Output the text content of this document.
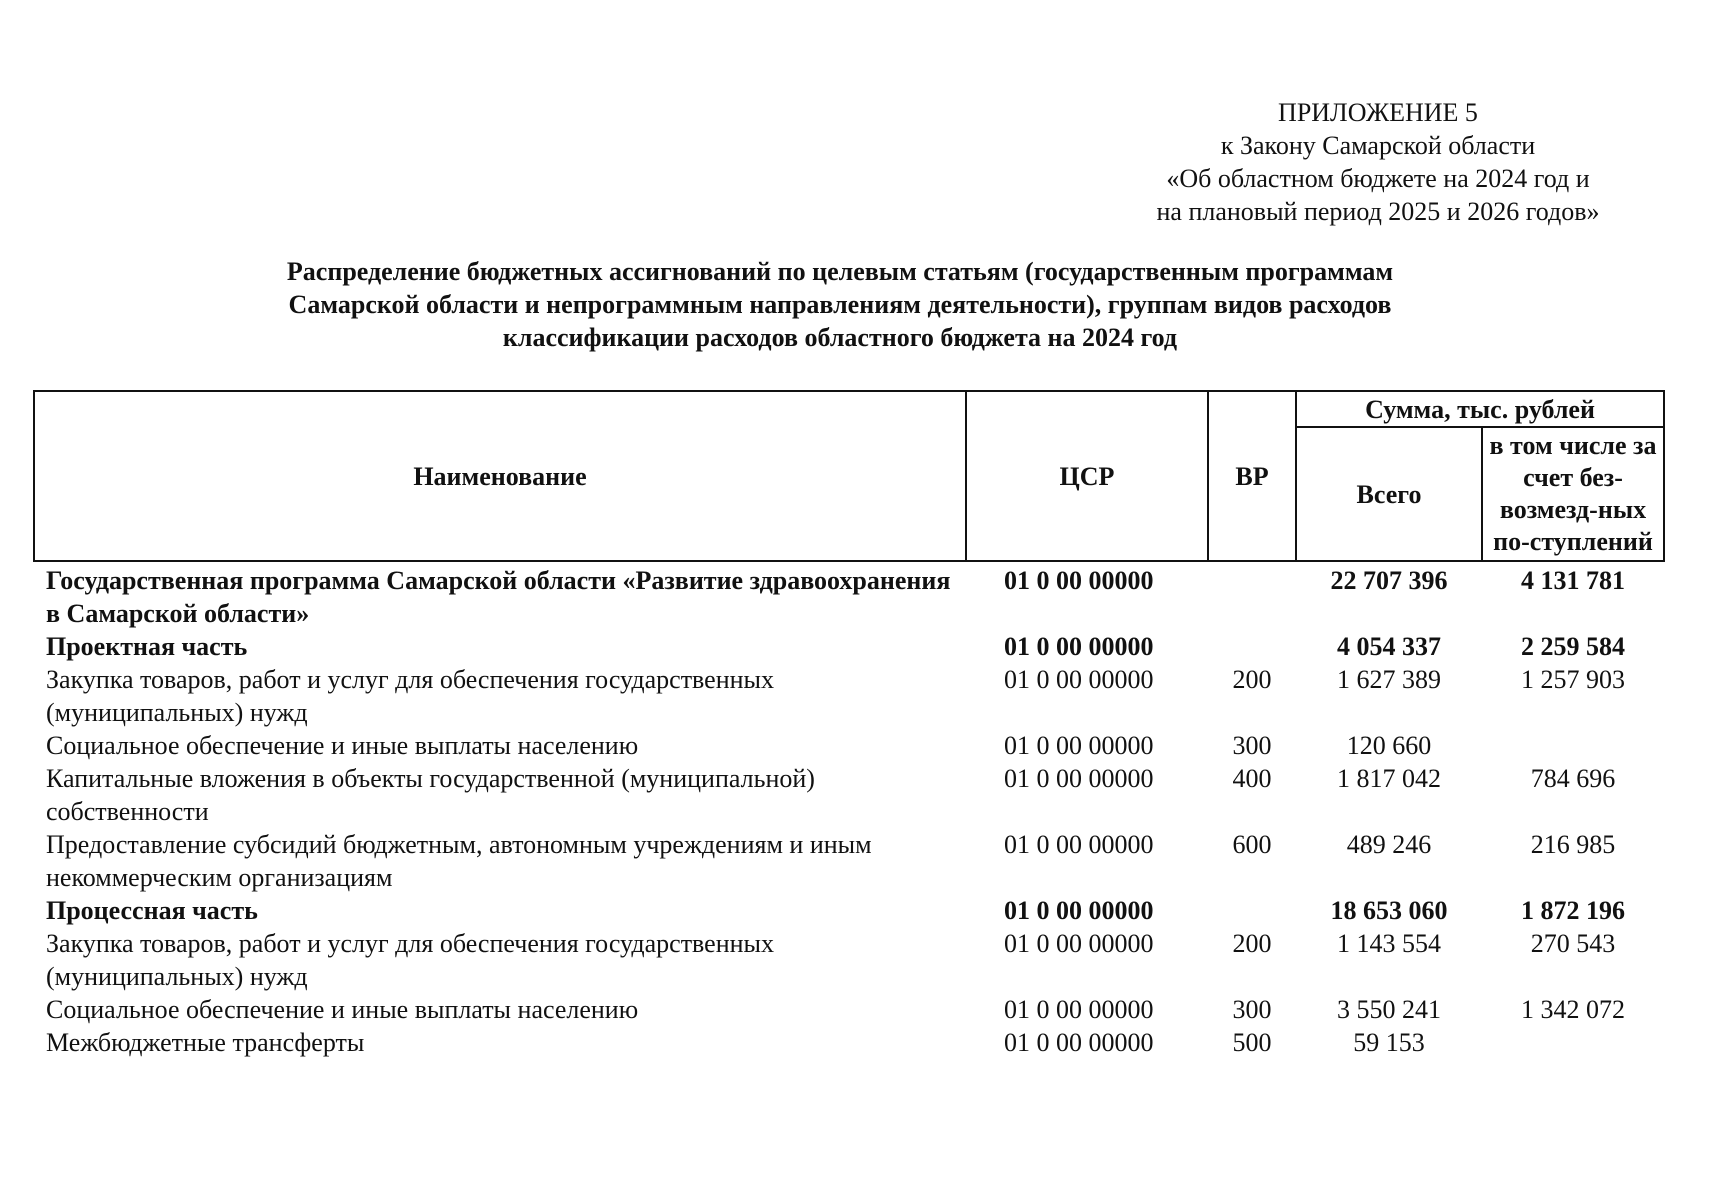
ПРИЛОЖЕНИЕ 5
к Закону Самарской области
«Об областном бюджете на 2024 год и
на плановый период 2025 и 2026 годов»
Распределение бюджетных ассигнований по целевым статьям (государственным программам
Самарской области и непрограммным направлениям деятельности), группам видов расходов
классификации расходов областного бюджета на 2024 год
Наименование	ЦСР	ВР	Сумма, тыс. рублей	
			Всего	в том числе за счет без-возмезд-ных по-ступлений
Государственная программа Самарской области «Развитие здравоохранения в Самарской области»	01 0 00 00000		22 707 396	4 131 781
Проектная часть	01 0 00 00000		4 054 337	2 259 584
Закупка товаров, работ и услуг для обеспечения государственных (муниципальных) нужд	01 0 00 00000	200	1 627 389	1 257 903
Социальное обеспечение и иные выплаты населению	01 0 00 00000	300	120 660	
Капитальные вложения в объекты государственной (муниципальной) собственности	01 0 00 00000	400	1 817 042	784 696
Предоставление субсидий бюджетным, автономным учреждениям и иным некоммерческим организациям	01 0 00 00000	600	489 246	216 985
Процессная часть	01 0 00 00000		18 653 060	1 872 196
Закупка товаров, работ и услуг для обеспечения государственных (муниципальных) нужд	01 0 00 00000	200	1 143 554	270 543
Социальное обеспечение и иные выплаты населению	01 0 00 00000	300	3 550 241	1 342 072
Межбюджетные трансферты	01 0 00 00000	500	59 153	
